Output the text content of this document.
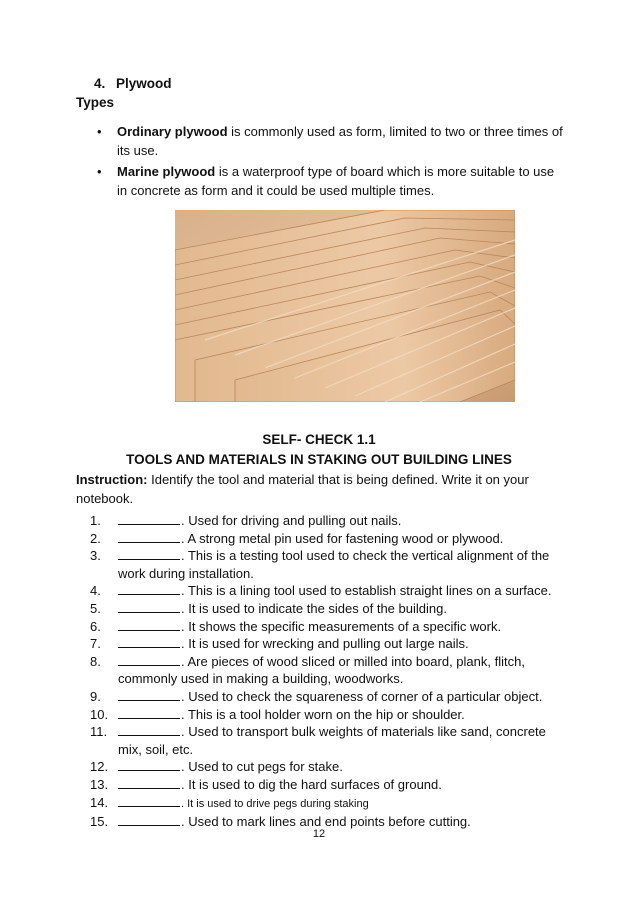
4. Plywood
Types
• Ordinary plywood is commonly used as form, limited to two or three times of its use.
• Marine plywood is a waterproof type of board which is more suitable to use in concrete as form and it could be used multiple times.
SELF- CHECK 1.1
TOOLS AND MATERIALS IN STAKING OUT BUILDING LINES
Instruction: Identify the tool and material that is being defined. Write it on your notebook.
1.	. Used for driving and pulling out nails.
2.	. A strong metal pin used for fastening wood or plywood.
3.	. This is a testing tool used to check the vertical alignment of the work during installation.
4.	. This is a lining tool used to establish straight lines on a surface.
5.	. It is used to indicate the sides of the building.
6.	. It shows the specific measurements of a specific work.
7.	. It is used for wrecking and pulling out large nails.
8.	. Are pieces of wood sliced or milled into board, plank, flitch, commonly used in making a building, woodworks.
9.	. Used to check the squareness of corner of a particular object.
10.	. This is a tool holder worn on the hip or shoulder.
11.	. Used to transport bulk weights of materials like sand, concrete mix, soil, etc.
12.	. Used to cut pegs for stake.
13.	. It is used to dig the hard surfaces of ground.
14.	. It is used to drive pegs during staking
15.	. Used to mark lines and end points before cutting.
12
